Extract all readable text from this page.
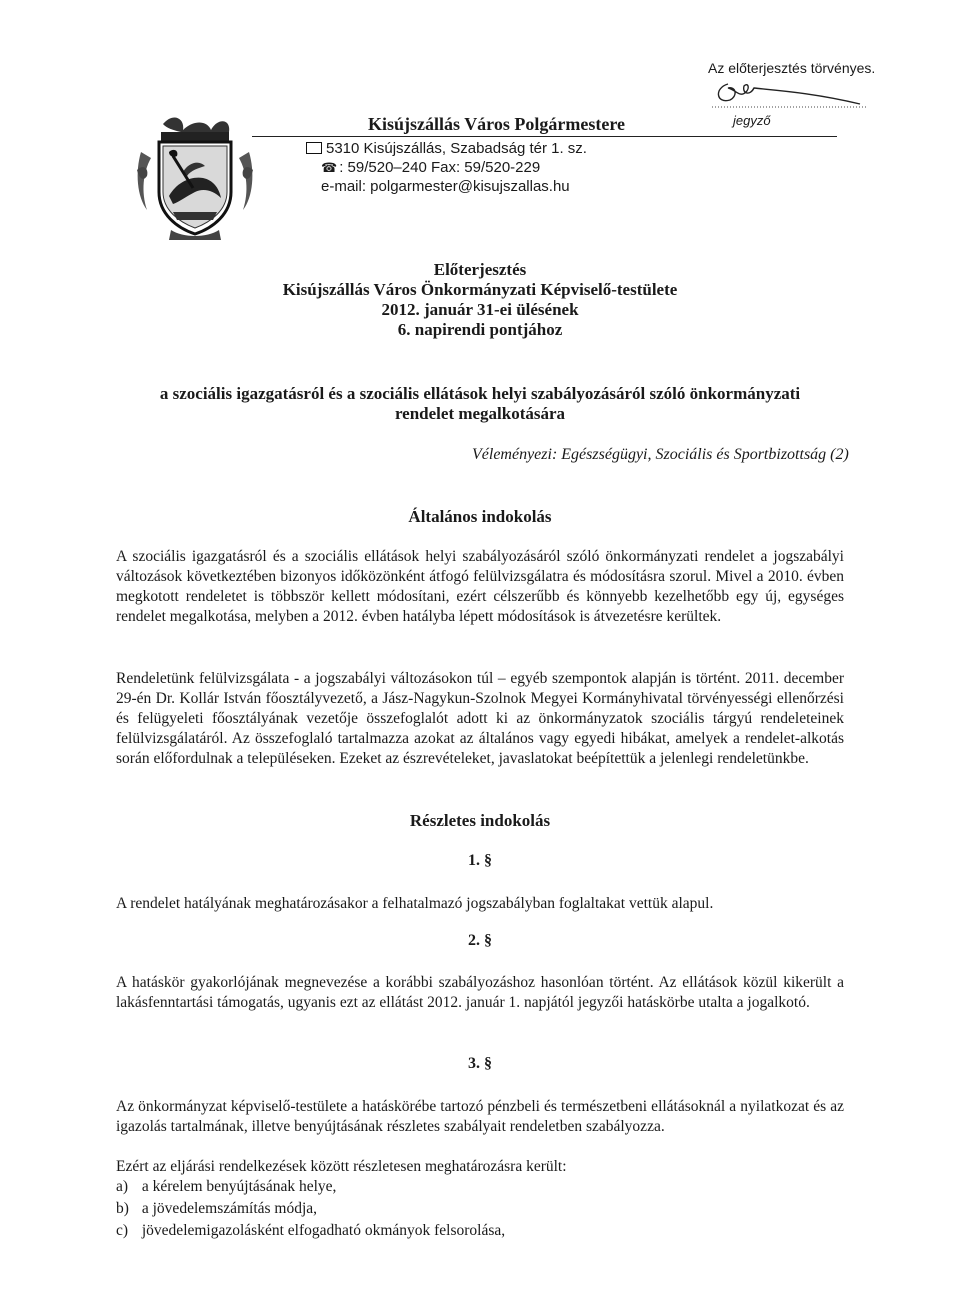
Kisújszállás Város Polgármestere
5310 Kisújszállás, Szabadság tér 1. sz.
☎ : 59/520–240 Fax: 59/520-229
e-mail: polgarmester@kisujszallas.hu
Az előterjesztés törvényes.
jegyző
Előterjesztés
Kisújszállás Város Önkormányzati Képviselő-testülete
2012. január 31-ei ülésének
6. napirendi pontjához
a szociális igazgatásról és a szociális ellátások helyi szabályozásáról szóló önkormányzati
rendelet megalkotására
Véleményezi: Egészségügyi, Szociális és Sportbizottság (2)
Általános indokolás

A szociális igazgatásról és a szociális ellátások helyi szabályozásáról szóló önkormányzati rendelet a jogszabályi változások következtében bizonyos időközönként átfogó felülvizsgálatra és módosításra szorul. Mivel a 2010. évben megkotott rendeletet is többször kellett módosítani, ezért célszerűbb és könnyebb kezelhetőbb egy új, egységes rendelet megalkotása, melyben a 2012. évben hatályba lépett módosítások is átvezetésre kerültek.

Rendeletünk felülvizsgálata - a jogszabályi változásokon túl – egyéb szempontok alapján is történt. 2011. december 29-én Dr. Kollár István főosztályvezető, a Jász-Nagykun-Szolnok Megyei Kormányhivatal törvényességi ellenőrzési és felügyeleti főosztályának vezetője összefoglalót adott ki az önkormányzatok szociális tárgyú rendeleteinek felülvizsgálatáról. Az összefoglaló tartalmazza azokat az általános vagy egyedi hibákat, amelyek a rendelet-alkotás során előfordulnak a településeken. Ezeket az észrevételeket, javaslatokat beépítettük a jelenlegi rendeletünkbe.

Részletes indokolás
1. §

A rendelet hatályának meghatározásakor a felhatalmazó jogszabályban foglaltakat vettük alapul.

2. §

A hatáskör gyakorlójának megnevezése a korábbi szabályozáshoz hasonlóan történt. Az ellátások közül kikerült a lakásfenntartási támogatás, ugyanis ezt az ellátást 2012. január 1. napjától jegyzői hatáskörbe utalta a jogalkotó.

3. §

Az önkormányzat képviselő-testülete a hatáskörébe tartozó pénzbeli és természetbeni ellátásoknál a nyilatkozat és az igazolás tartalmának, illetve benyújtásának részletes szabályait rendeletben szabályozza.

Ezért az eljárási rendelkezések között részletesen meghatározásra került:

a) a kérelem benyújtásának helye,
b) a jövedelemszámítás módja,
c) jövedelemigazolásként elfogadható okmányok felsorolása,
